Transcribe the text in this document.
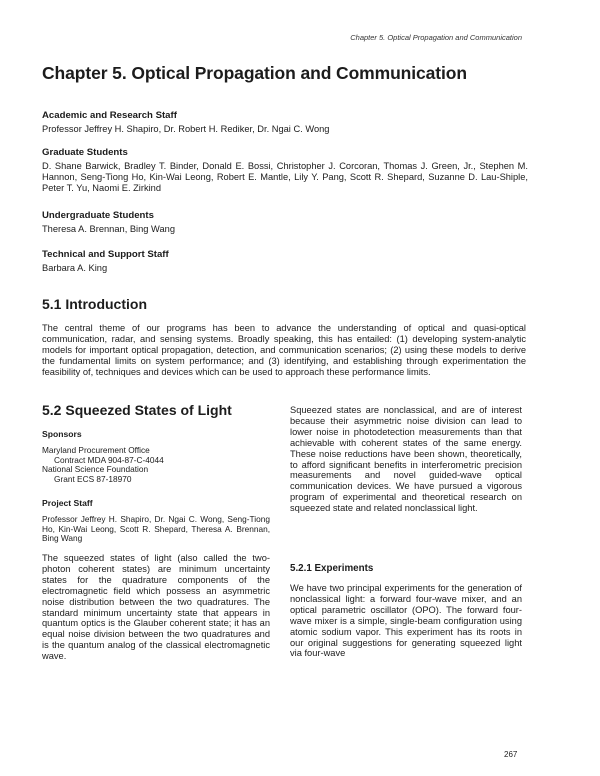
Chapter 5. Optical Propagation and Communication
Chapter 5. Optical Propagation and Communication
Academic and Research Staff

Professor Jeffrey H. Shapiro, Dr. Robert H. Rediker, Dr. Ngai C. Wong

Graduate Students

D. Shane Barwick, Bradley T. Binder, Donald E. Bossi, Christopher J. Corcoran, Thomas J. Green, Jr., Stephen M. Hannon, Seng-Tiong Ho, Kin-Wai Leong, Robert E. Mantle, Lily Y. Pang, Scott R. Shepard, Suzanne D. Lau-Shiple, Peter T. Yu, Naomi E. Zirkind

Undergraduate Students

Theresa A. Brennan, Bing Wang

Technical and Support Staff

Barbara A. King

5.1 Introduction

The central theme of our programs has been to advance the understanding of optical and quasi-optical communication, radar, and sensing systems. Broadly speaking, this has entailed: (1) developing system-analytic models for important optical propagation, detection, and communication scenarios; (2) using these models to derive the fundamental limits on system performance; and (3) identifying, and establishing through experimentation the feasibility of, techniques and devices which can be used to approach these performance limits.

5.2 Squeezed States of Light
Sponsors
Maryland Procurement Office
Contract MDA 904-87-C-4044
National Science Foundation
Grant ECS 87-18970
Project Staff
Professor Jeffrey H. Shapiro, Dr. Ngai C. Wong, Seng-Tiong Ho, Kin-Wai Leong, Scott R. Shepard, Theresa A. Brennan, Bing Wang

The squeezed states of light (also called the two-photon coherent states) are minimum uncertainty states for the quadrature components of the electromagnetic field which possess an asymmetric noise distribution between the two quadratures. The standard minimum uncertainty state that appears in quantum optics is the Glauber coherent state; it has an equal noise division between the two quadratures and is the quantum analog of the classical electromagnetic wave.

Squeezed states are nonclassical, and are of interest because their asymmetric noise division can lead to lower noise in photodetection measurements than that achievable with coherent states of the same energy. These noise reductions have been shown, theoretically, to afford significant benefits in interferometric precision measurements and novel guided-wave optical communication devices. We have pursued a vigorous program of experimental and theoretical research on squeezed state and related nonclassical light.

5.2.1 Experiments

We have two principal experiments for the generation of nonclassical light: a forward four-wave mixer, and an optical parametric oscillator (OPO). The forward four-wave mixer is a simple, single-beam configuration using atomic sodium vapor. This experiment has its roots in our original suggestions for generating squeezed light via four-wave

267
